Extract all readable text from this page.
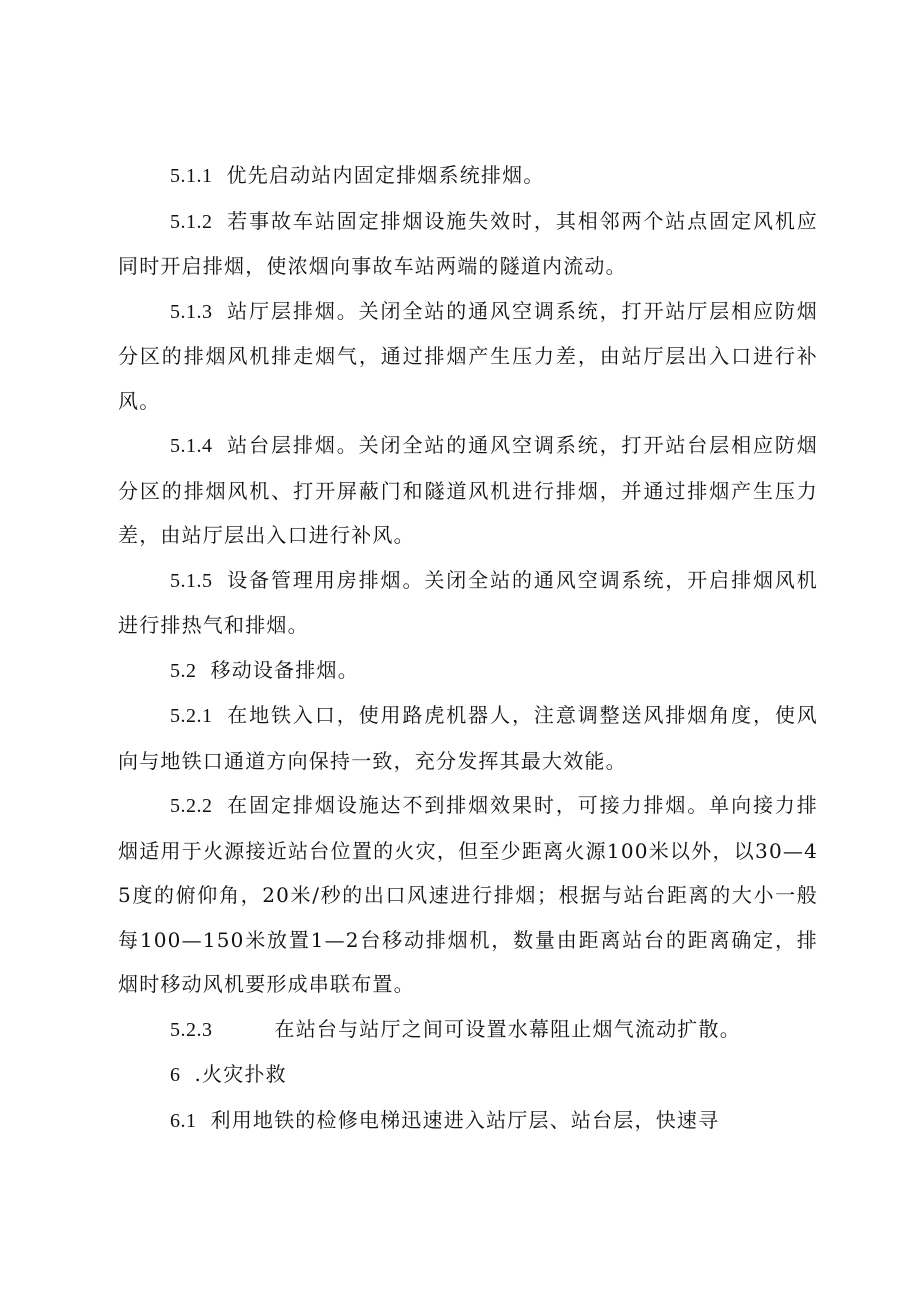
5.1.1 优先启动站内固定排烟系统排烟。

5.1.2 若事故车站固定排烟设施失效时，其相邻两个站点固定风机应同时开启排烟，使浓烟向事故车站两端的隧道内流动。

5.1.3 站厅层排烟。关闭全站的通风空调系统，打开站厅层相应防烟分区的排烟风机排走烟气，通过排烟产生压力差，由站厅层出入口进行补风。

5.1.4 站台层排烟。关闭全站的通风空调系统，打开站台层相应防烟分区的排烟风机、打开屏蔽门和隧道风机进行排烟，并通过排烟产生压力差，由站厅层出入口进行补风。

5.1.5 设备管理用房排烟。关闭全站的通风空调系统，开启排烟风机进行排热气和排烟。

5.2 移动设备排烟。

5.2.1 在地铁入口，使用路虎机器人，注意调整送风排烟角度，使风向与地铁口通道方向保持一致，充分发挥其最大效能。

5.2.2 在固定排烟设施达不到排烟效果时，可接力排烟。单向接力排烟适用于火源接近站台位置的火灾，但至少距离火源100米以外，以30—45度的俯仰角，20米/秒的出口风速进行排烟；根据与站台距离的大小一般每100—150米放置1—2台移动排烟机，数量由距离站台的距离确定，排烟时移动风机要形成串联布置。

5.2.3	在站台与站厅之间可设置水幕阻止烟气流动扩散。

6 .火灾扑救

6.1 利用地铁的检修电梯迅速进入站厅层、站台层，快速寻
